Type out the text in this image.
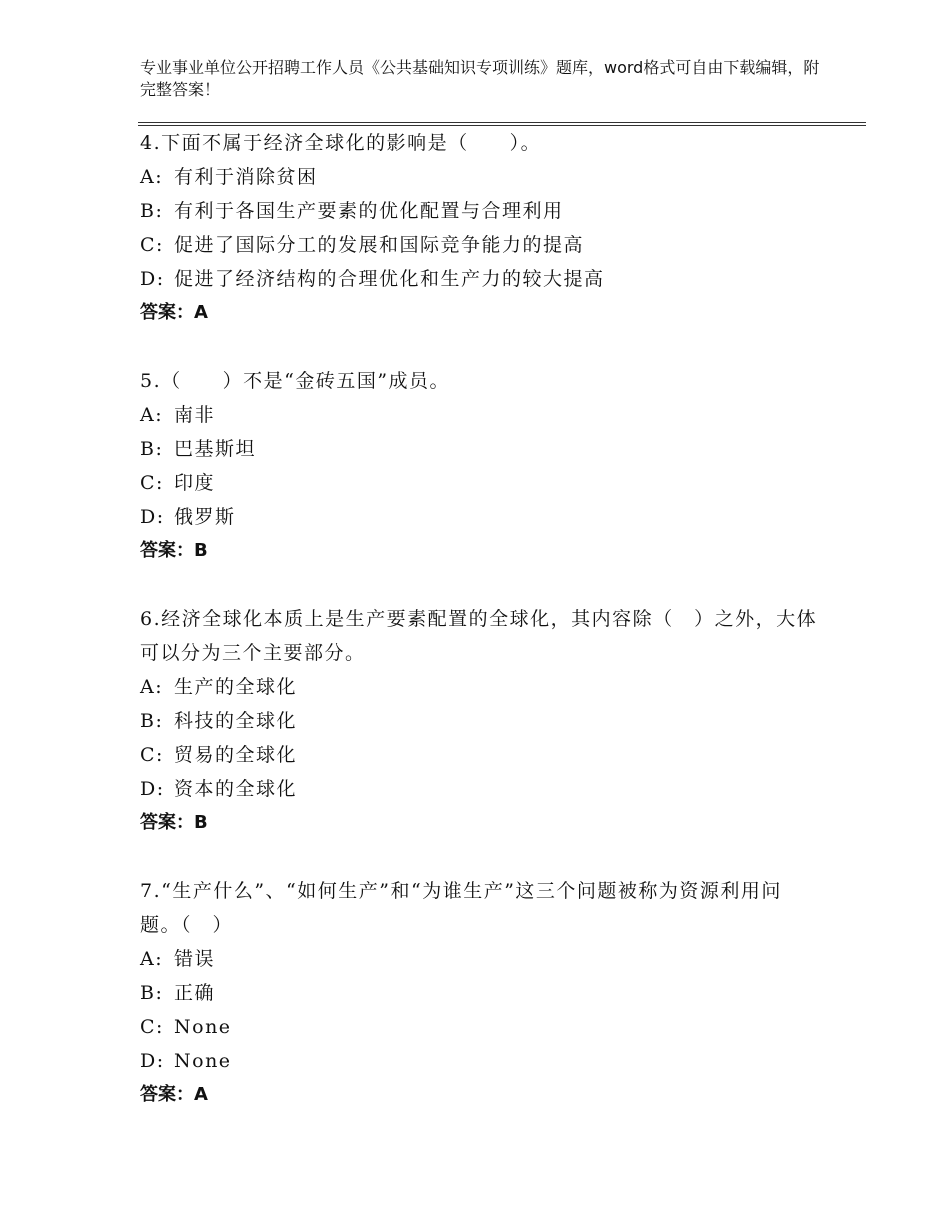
专业事业单位公开招聘工作人员《公共基础知识专项训练》题库，word格式可自由下载编辑，附完整答案！

4.下面不属于经济全球化的影响是（　　）。

A: 有利于消除贫困

B: 有利于各国生产要素的优化配置与合理利用

C: 促进了国际分工的发展和国际竞争能力的提高

D: 促进了经济结构的合理优化和生产力的较大提高

答案：A

5.（　　）不是“金砖五国”成员。

A: 南非

B: 巴基斯坦

C: 印度

D: 俄罗斯

答案：B

6.经济全球化本质上是生产要素配置的全球化，其内容除（　）之外，大体可以分为三个主要部分。

A: 生产的全球化

B: 科技的全球化

C: 贸易的全球化

D: 资本的全球化

答案：B

7.“生产什么”、“如何生产”和“为谁生产”这三个问题被称为资源利用问题。（　）

A: 错误

B: 正确

C: None

D: None

答案：A
